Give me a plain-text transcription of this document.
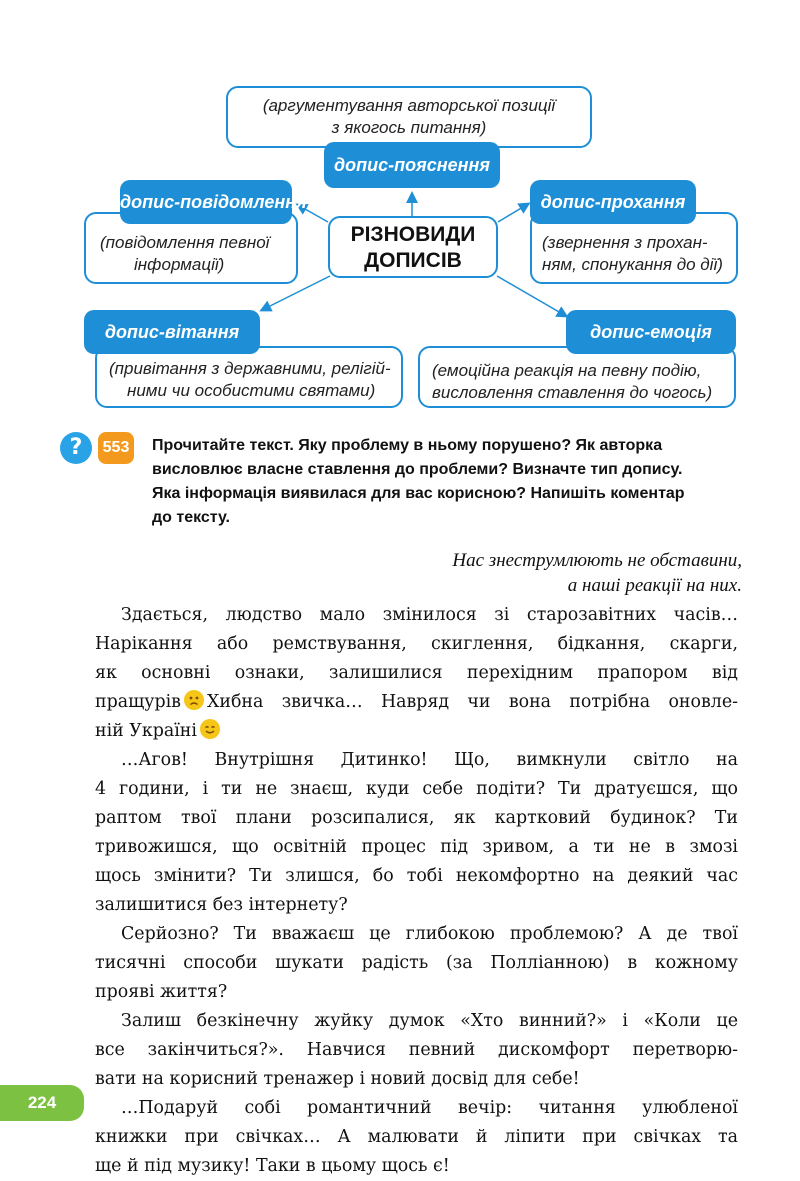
(аргументування авторської позиції
з якогось питання)
допис-пояснення
(повідомлення певної
інформації)
допис-повідомлення
РІЗНОВИДИ
ДОПИСІВ
(звернення з прохан-
ням, спонукання до дії)
допис-прохання
(привітання з державними, релігій-
ними чи особистими святами)
допис-вітання
(емоційна реакція на певну подію,
висловлення ставлення до чогось)
допис-емоція
?	553 Прочитайте текст. Яку проблему в ньому порушено? Як авторка
висловлює власне ставлення до проблеми? Визначте тип допису.
Яка інформація виявилася для вас корисною? Напишіть коментар
до тексту.
Нас знеструмлюють не обставини,
а наші реакції на них.
Здається, людство мало змінилося зі старозавітних часів…
Нарікання або ремствування, скиглення, бідкання, скарги,
як основні ознаки, залишилися перехідним прапором від
пращурів Хибна звичка… Навряд чи вона потрібна оновле-
ній Україні
…Агов! Внутрішня Дитинко! Що, вимкнули світло на
4 години, і ти не знаєш, куди себе подіти? Ти дратуєшся, що
раптом твої плани розсипалися, як картковий будинок? Ти
тривожишся, що освітній процес під зривом, а ти не в змозі
щось змінити? Ти злишся, бо тобі некомфортно на деякий час
залишитися без інтернету?
Серйозно? Ти вважаєш це глибокою проблемою? А де твої
тисячні способи шукати радість (за Полліанною) в кожному
прояві життя?
Залиш безкінечну жуйку думок «Хто винний?» і «Коли це
все закінчиться?». Навчися певний дискомфорт перетворю-
вати на корисний тренажер і новий досвід для себе!
…Подаруй собі романтичний вечір: читання улюбленої
книжки при свічках… А малювати й ліпити при свічках та
ще й під музику! Таки в цьому щось є!
224
